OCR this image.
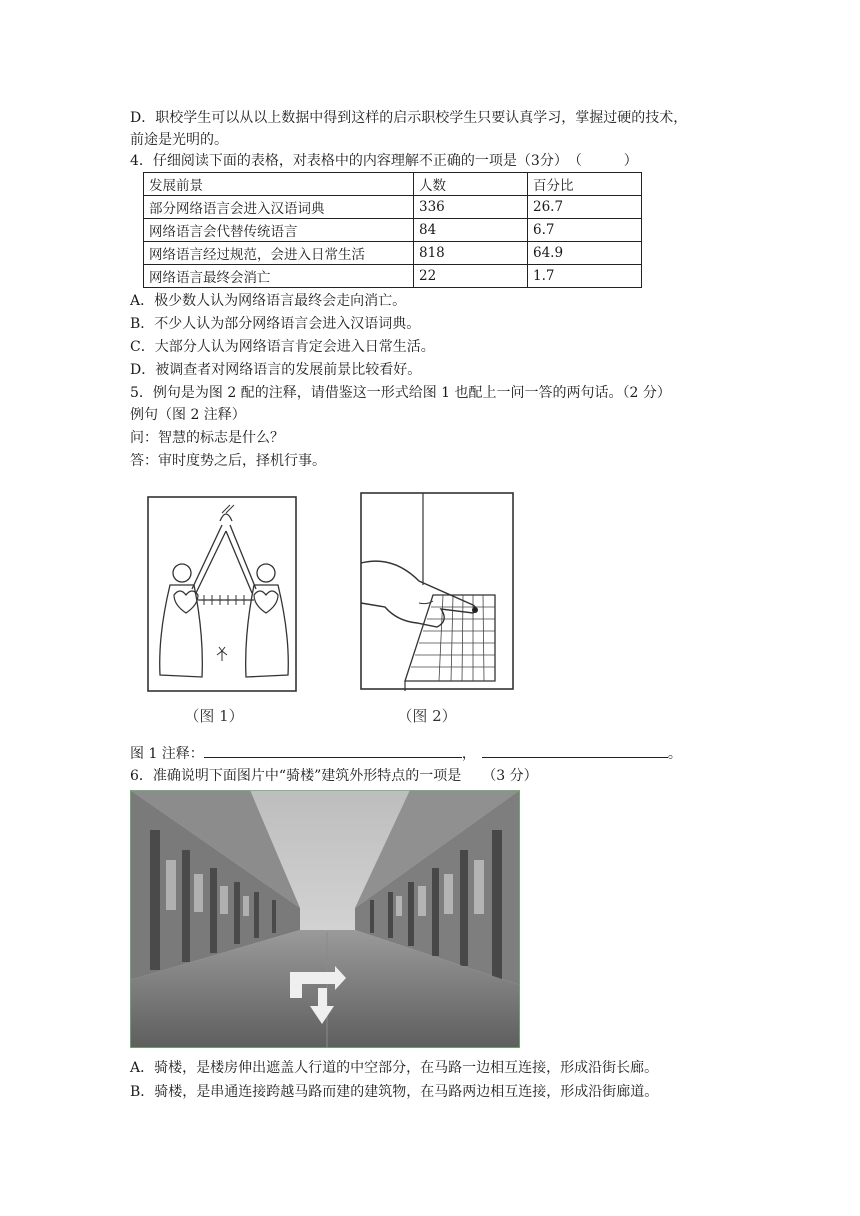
D．职校学生可以从以上数据中得到这样的启示职校学生只要认真学习，掌握过硬的技术，
前途是光明的。
4．仔细阅读下面的表格，对表格中的内容理解不正确的一项是（3分）　（　　　）
发展前景	人数	百分比
部分网络语言会进入汉语词典	336	26.7
网络语言会代替传统语言	84	6.7
网络语言经过规范，会进入日常生活	818	64.9
网络语言最终会消亡	22	1.7
A．极少数人认为网络语言最终会走向消亡。
B．不少人认为部分网络语言会进入汉语词典。
C．大部分人认为网络语言肯定会进入日常生活。
D．被调查者对网络语言的发展前景比较看好。
5．例句是为图 2 配的注释，请借鉴这一形式给图 1 也配上一问一答的两句话。（2 分）
例句（图 2 注释）
问：智慧的标志是什么？
答：审时度势之后，择机行事。
（图 1）	（图 2）
图 1 注释：	，	。
6．准确说明下面图片中“骑楼”建筑外形特点的一项是　　（3 分）
A．骑楼，是楼房伸出遮盖人行道的中空部分，在马路一边相互连接，形成沿街长廊。
B．骑楼，是串通连接跨越马路而建的建筑物，在马路两边相互连接，形成沿街廊道。
